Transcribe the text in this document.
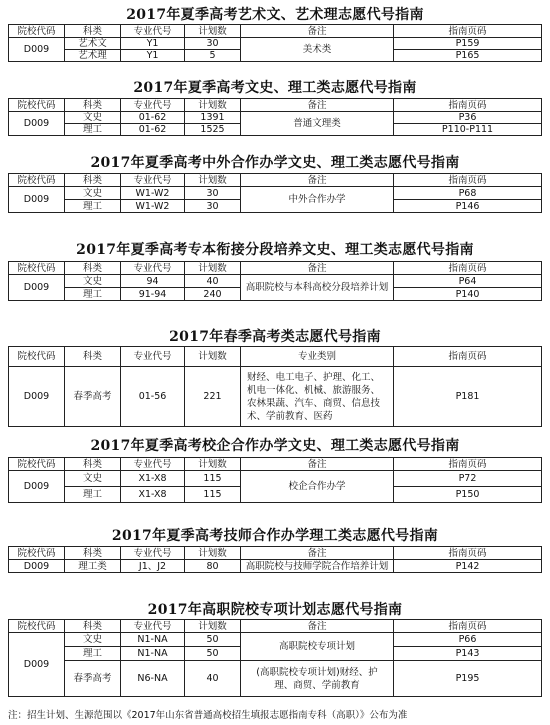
2017年夏季高考艺术文、艺术理志愿代号指南
院校代码	科类	专业代号	计划数	备注	指南页码
D009	艺术文	Y1	30	美术类	P159
	艺术理	Y1	5		P165
2017年夏季高考文史、理工类志愿代号指南
院校代码	科类	专业代号	计划数	备注	指南页码
D009	文史	01-62	1391	普通文理类	P36
	理工	01-62	1525		P110-P111
2017年夏季高考中外合作办学文史、理工类志愿代号指南
院校代码	科类	专业代号	计划数	备注	指南页码
D009	文史	W1-W2	30	中外合作办学	P68
	理工	W1-W2	30		P146
2017年夏季高考专本衔接分段培养文史、理工类志愿代号指南
院校代码	科类	专业代号	计划数	备注	指南页码
D009	文史	94	40	高职院校与本科高校分段培养计划	P64
	理工	91-94	240		P140
2017年春季高考类志愿代号指南
院校代码	科类	专业代号	计划数	专业类别	指南页码
D009	春季高考	01-56	221	财经、电工电子、护理、化工、机电一体化、机械、旅游服务、农林果蔬、汽车、商贸、信息技术、学前教育、医药	P181
2017年夏季高考校企合作办学文史、理工类志愿代号指南
院校代码	科类	专业代号	计划数	备注	指南页码
D009	文史	X1-X8	115	校企合作办学	P72
	理工	X1-X8	115		P150
2017年夏季高考技师合作办学理工类志愿代号指南
院校代码	科类	专业代号	计划数	备注	指南页码
D009	理工类	J1、J2	80	高职院校与技师学院合作培养计划	P142
2017年高职院校专项计划志愿代号指南
院校代码	科类	专业代号	计划数	备注	指南页码
D009	文史	N1-NA	50	高职院校专项计划	P66
	理工	N1-NA	50		P143
	春季高考	N6-NA	40	(高职院校专项计划)财经、护理、商贸、学前教育	P195
注：招生计划、生源范围以《2017年山东省普通高校招生填报志愿指南专科（高职）》公布为准
